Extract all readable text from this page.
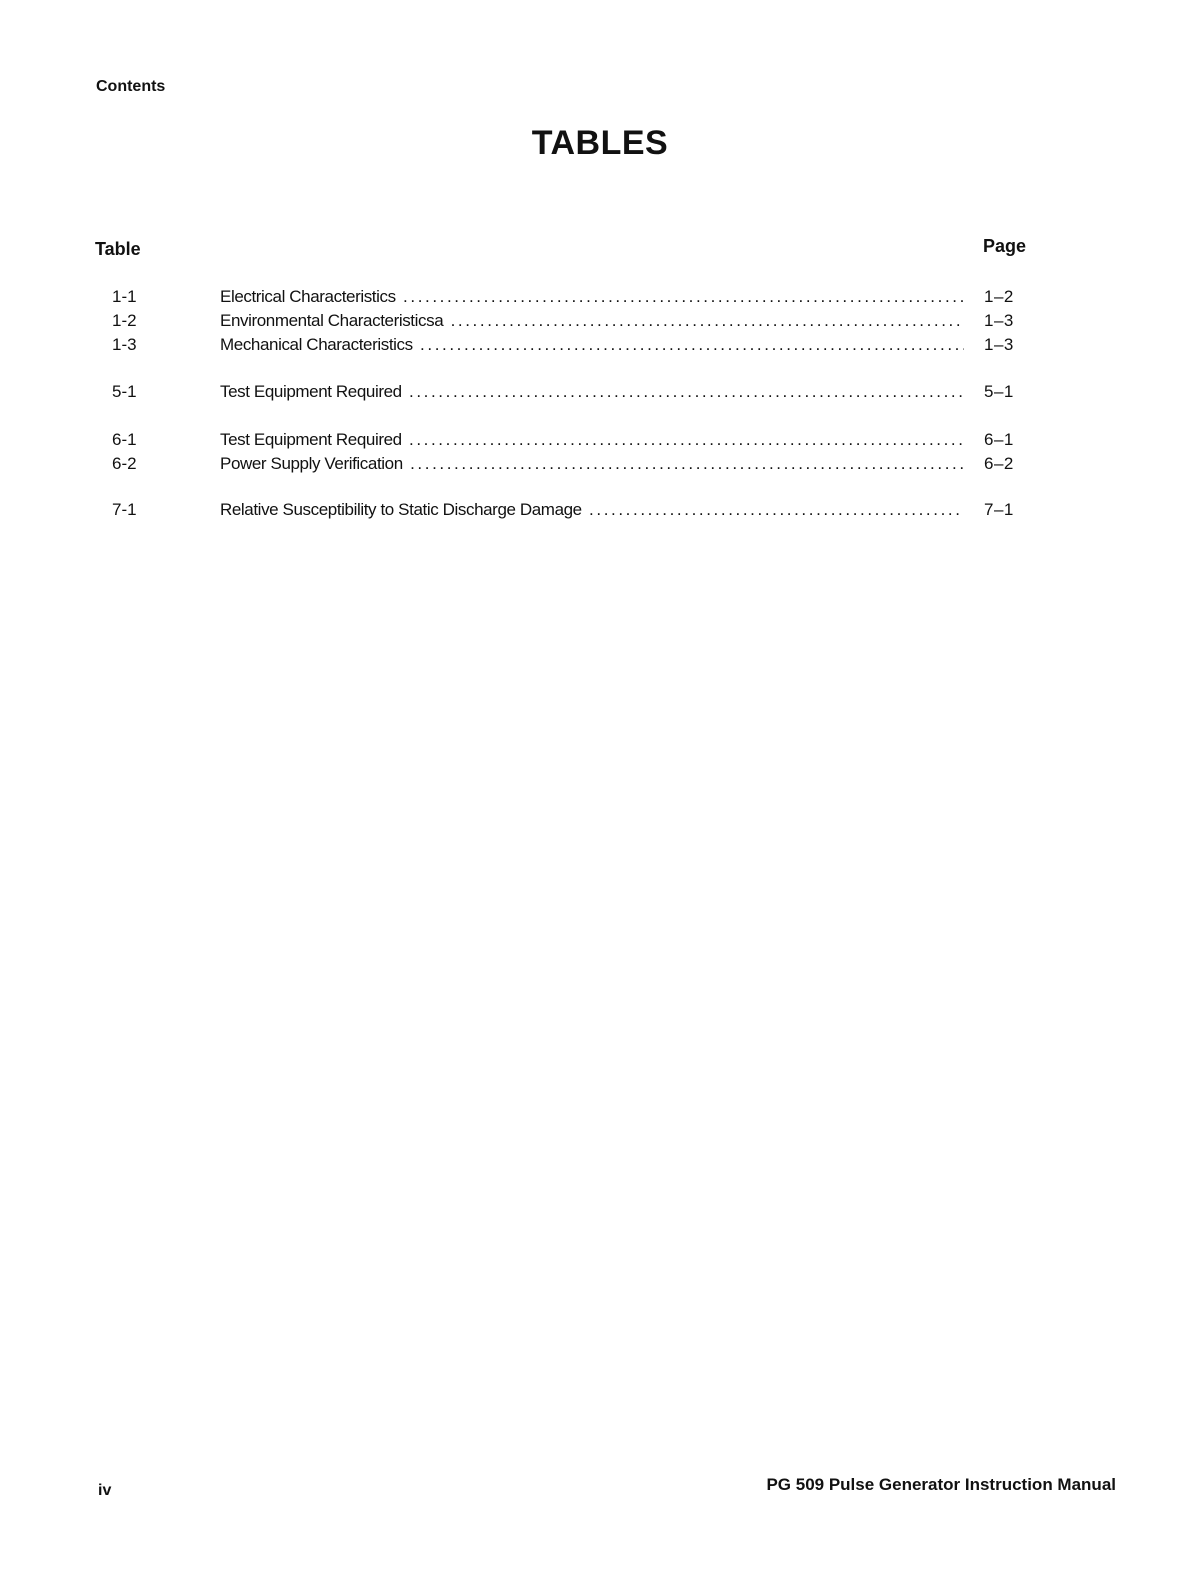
Contents
TABLES
Table	Page
1-1	Electrical Characteristics .....	1–2
1-2	Environmental Characteristicsa .....	1–3
1-3	Mechanical Characteristics .....	1–3
5-1	Test Equipment Required .....	5–1
6-1	Test Equipment Required .....	6–1
6-2	Power Supply Verification .....	6–2
7-1	Relative Susceptibility to Static Discharge Damage .....	7–1
iv	PG 509 Pulse Generator Instruction Manual
